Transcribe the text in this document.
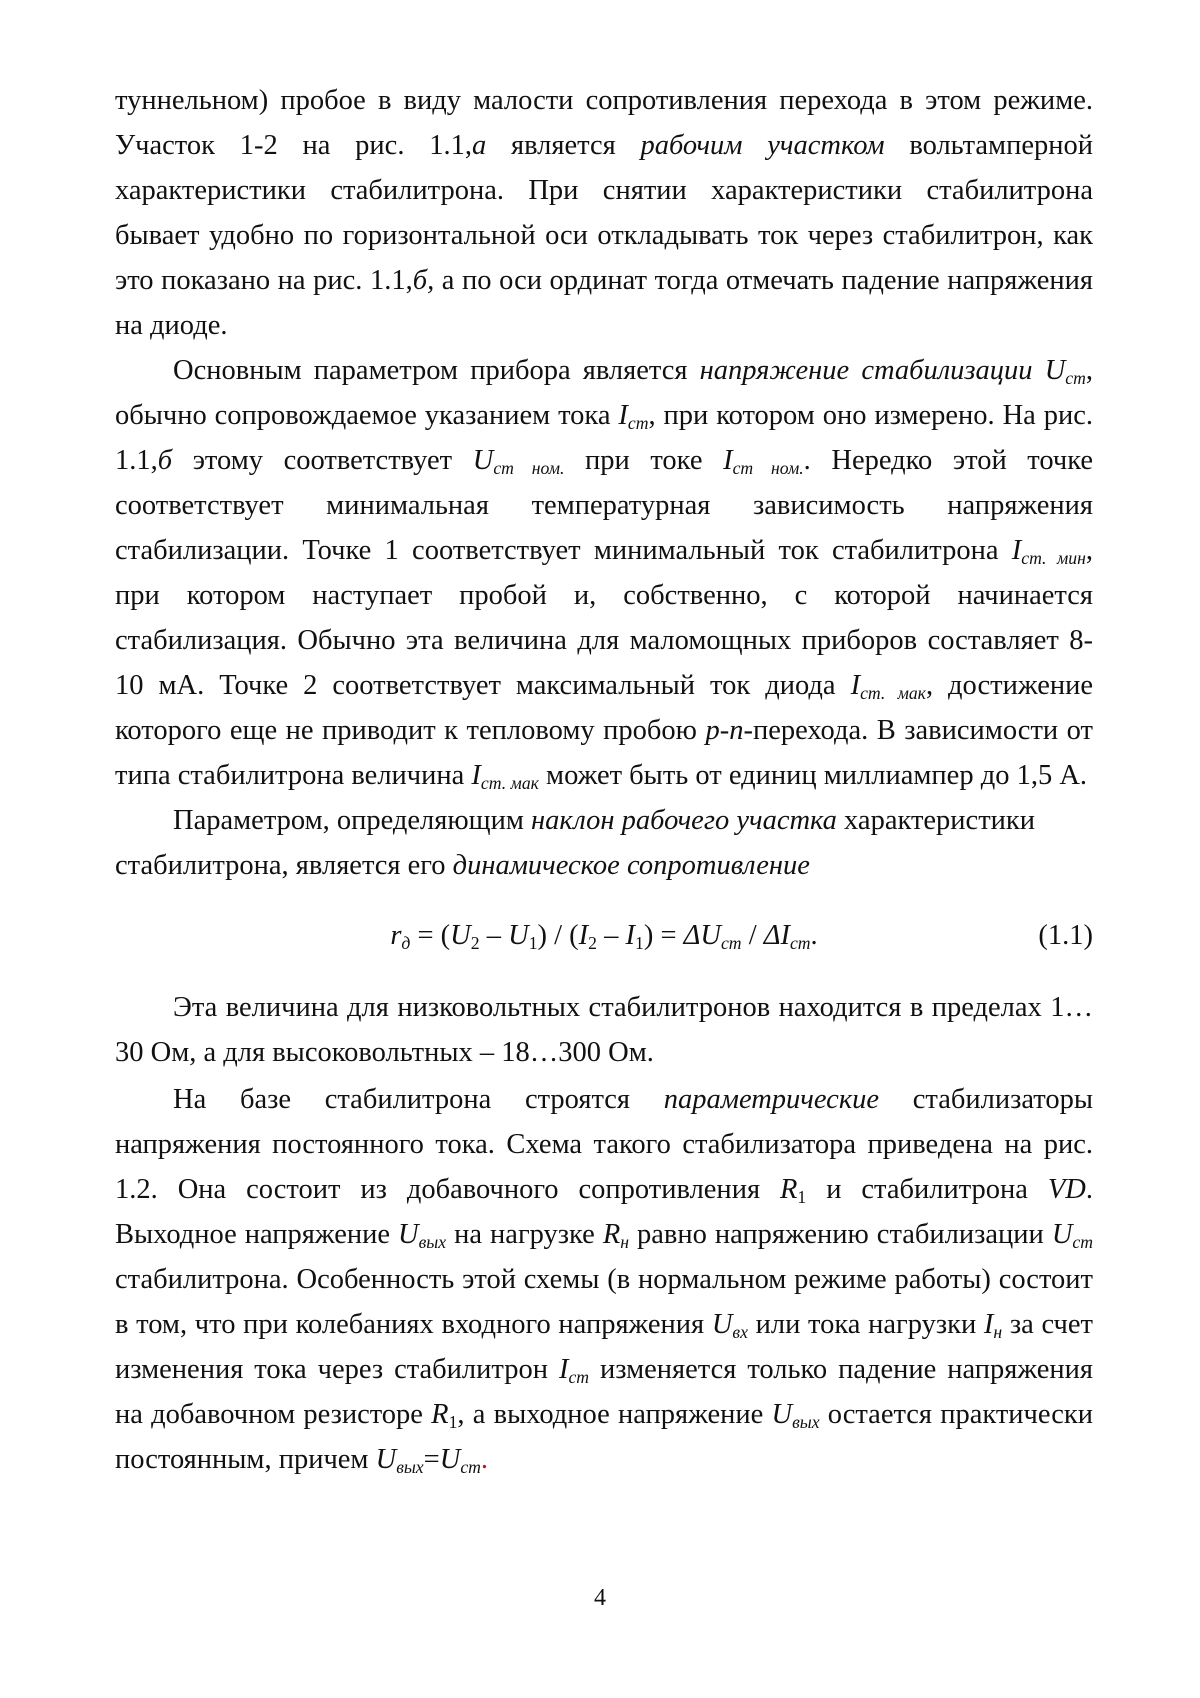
туннельном) пробое в виду малости сопротивления перехода в этом режиме. Участок 1-2 на рис. 1.1,а является рабочим участком вольтамперной характеристики стабилитрона. При снятии характеристики стабилитрона бывает удобно по горизонтальной оси откладывать ток через стабилитрон, как это показано на рис. 1.1,б, а по оси ординат тогда отмечать падение напряжения на диоде.

Основным параметром прибора является напряжение стабилизации $U_{ст}$, обычно сопровождаемое указанием тока $I_{ст}$, при котором оно измерено. На рис. 1.1,б этому соответствует $U_{ст ном.}$ при токе $I_{ст ном.}$. Нередко этой точке соответствует минимальная температурная зависимость напряжения стабилизации. Точке 1 соответствует минимальный ток стабилитрона $I_{ст. мин}$, при котором наступает пробой и, собственно, с которой начинается стабилизация. Обычно эта величина для маломощных приборов составляет 8-10 мА. Точке 2 соответствует максимальный ток диода $I_{ст. мак}$, достижение которого еще не приводит к тепловому пробою p-n-перехода. В зависимости от типа стабилитрона величина $I_{ст. мак}$ может быть от единиц миллиампер до 1,5 А.

Параметром, определяющим наклон рабочего участка характеристики стабилитрона, является его динамическое сопротивление

$r_д = (U_2 - U_1) / (I_2 - I_1) = \Delta U_{ст} / \Delta I_{ст}$.	(1.1)

Эта величина для низковольтных стабилитронов находится в пределах 1…30 Ом, а для высоковольтных – 18…300 Ом.

На базе стабилитрона строятся параметрические стабилизаторы напряжения постоянного тока. Схема такого стабилизатора приведена на рис. 1.2. Она состоит из добавочного сопротивления $R_1$ и стабилитрона VD. Выходное напряжение $U_{вых}$ на нагрузке $R_н$ равно напряжению стабилизации $U_{ст}$ стабилитрона. Особенность этой схемы (в нормальном режиме работы) состоит в том, что при колебаниях входного напряжения $U_{вх}$ или тока нагрузки $I_н$ за счет изменения тока через стабилитрон $I_{ст}$ изменяется только падение напряжения на добавочном резисторе $R_1$, а выходное напряжение $U_{вых}$ остается практически постоянным, причем $U_{вых}=U_{ст}$.

4
